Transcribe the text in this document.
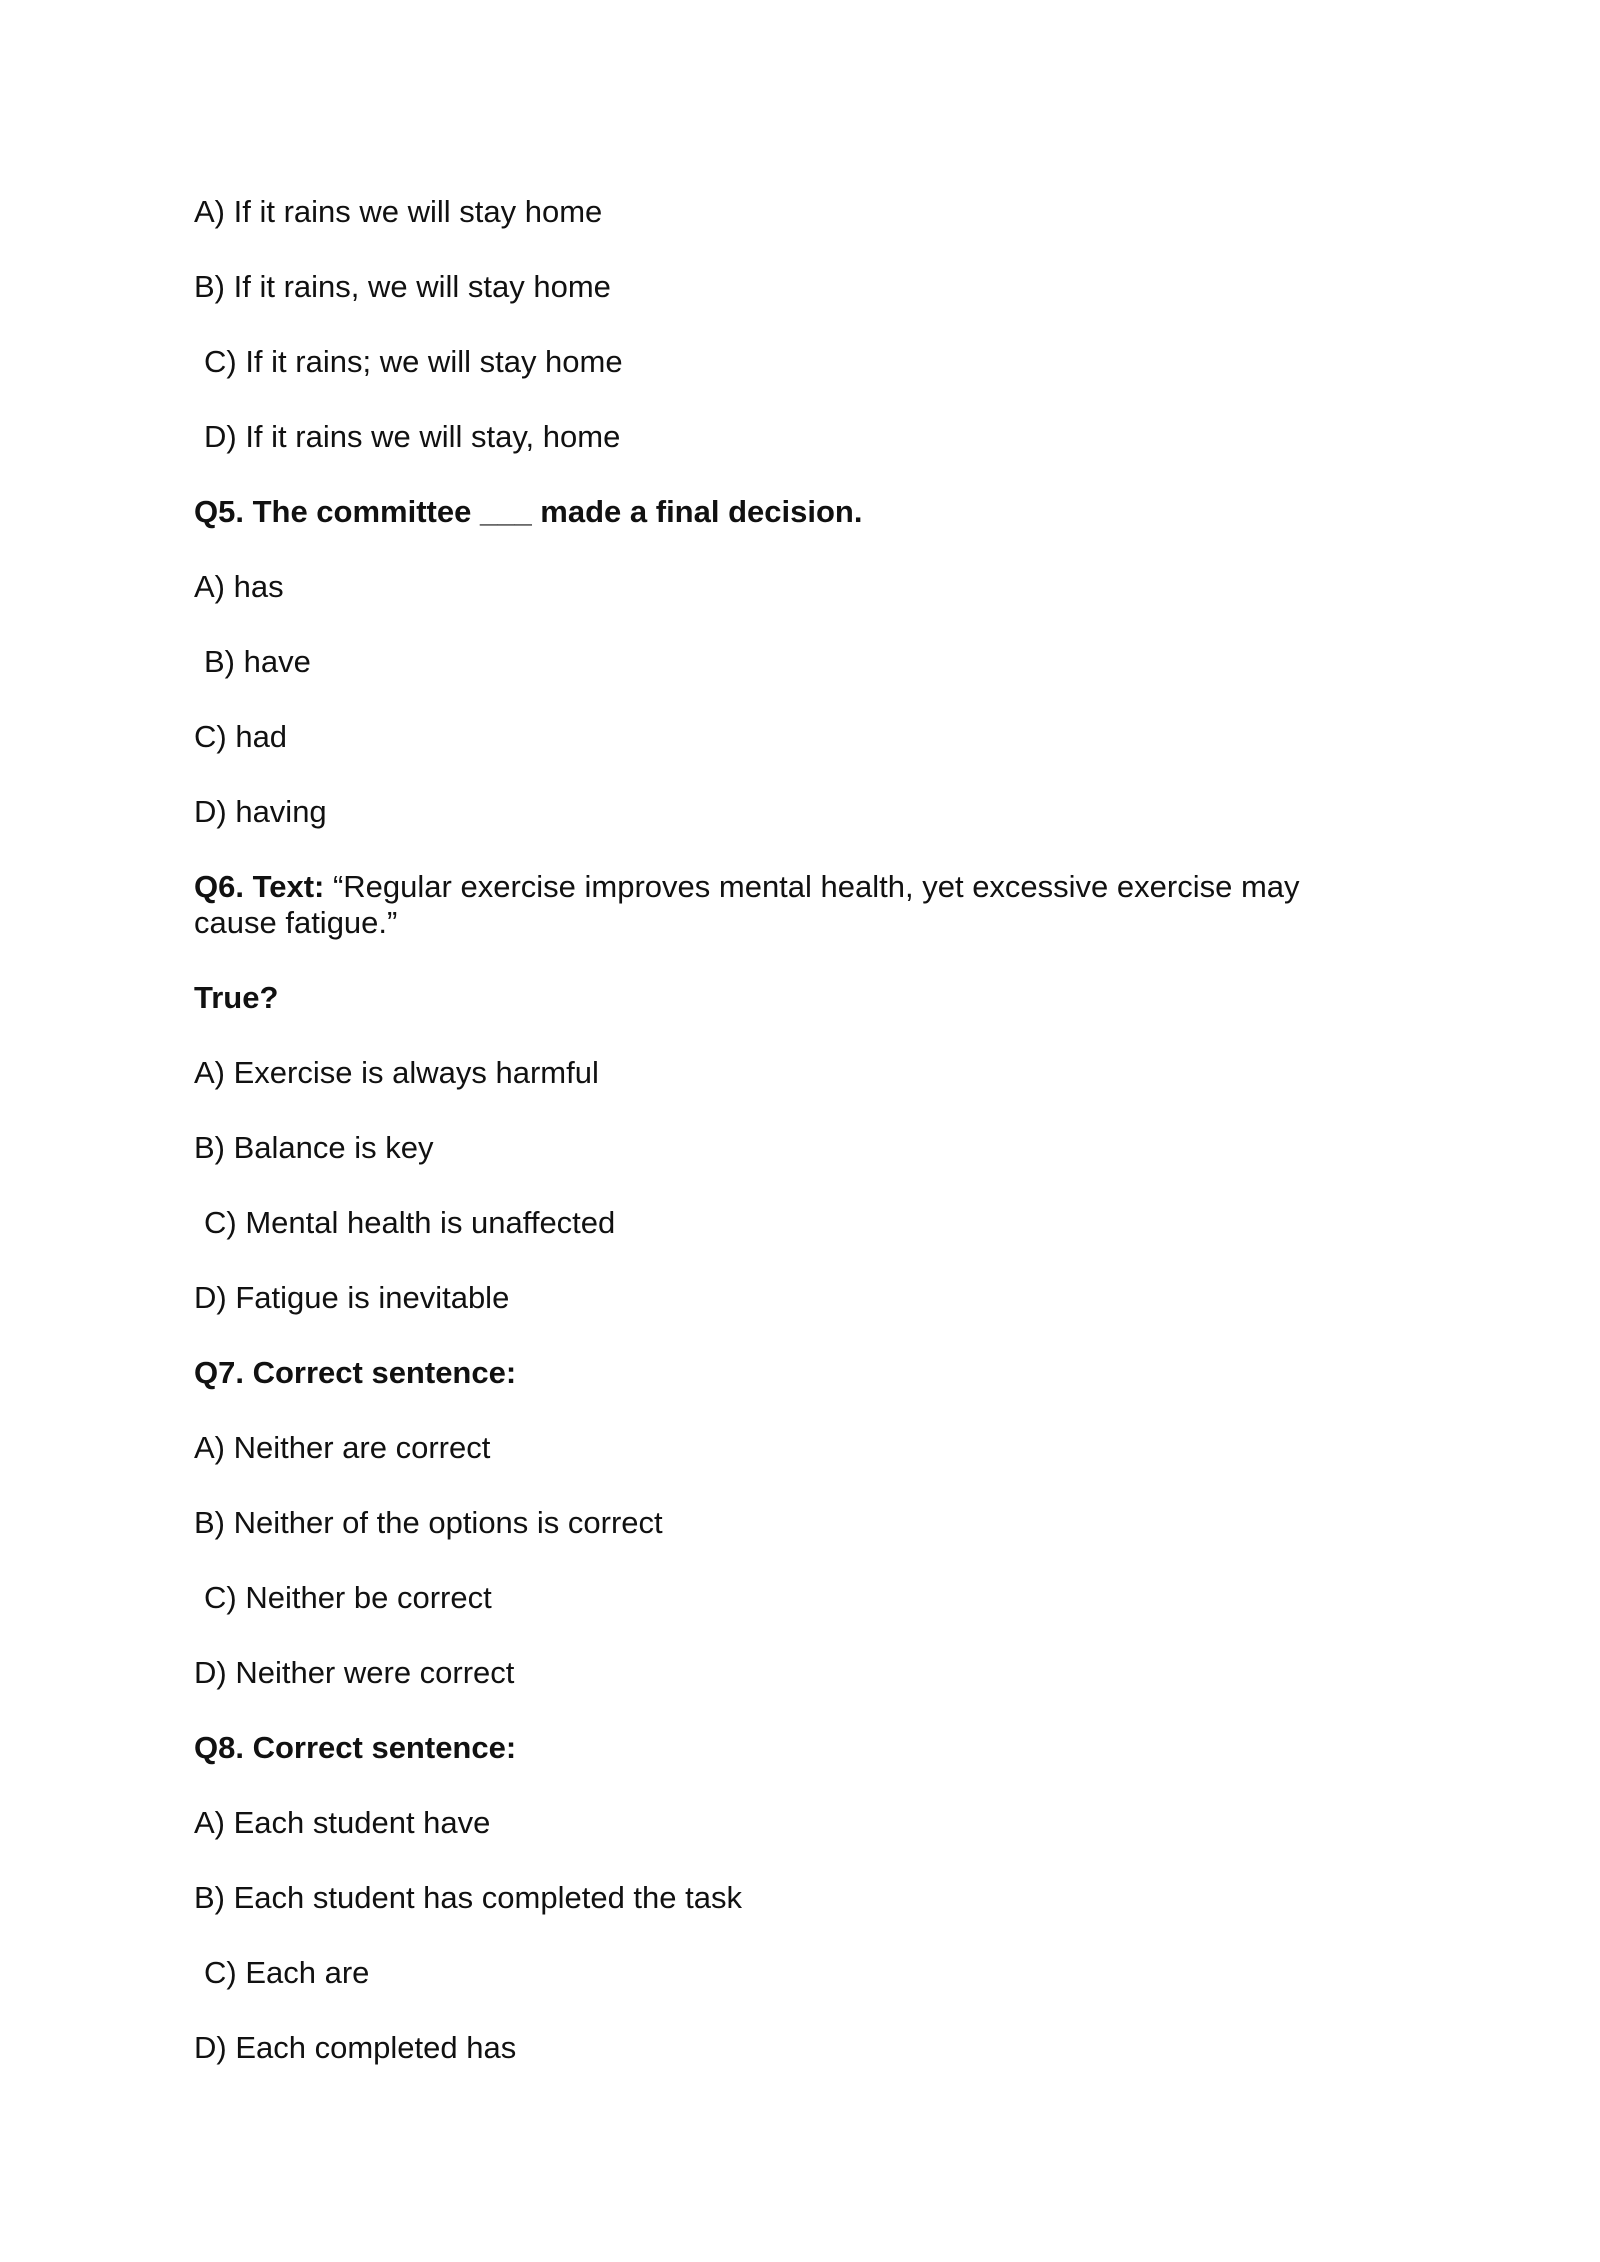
A) If it rains we will stay home

B) If it rains, we will stay home

C) If it rains; we will stay home

D) If it rains we will stay, home

Q5. The committee ___ made a final decision.

A) has

B) have

C) had

D) having

Q6. Text: “Regular exercise improves mental health, yet excessive exercise may cause fatigue.”

True?

A) Exercise is always harmful

B) Balance is key

C) Mental health is unaffected

D) Fatigue is inevitable

Q7. Correct sentence:

A) Neither are correct

B) Neither of the options is correct

C) Neither be correct

D) Neither were correct

Q8. Correct sentence:

A) Each student have

B) Each student has completed the task

C) Each are

D) Each completed has
